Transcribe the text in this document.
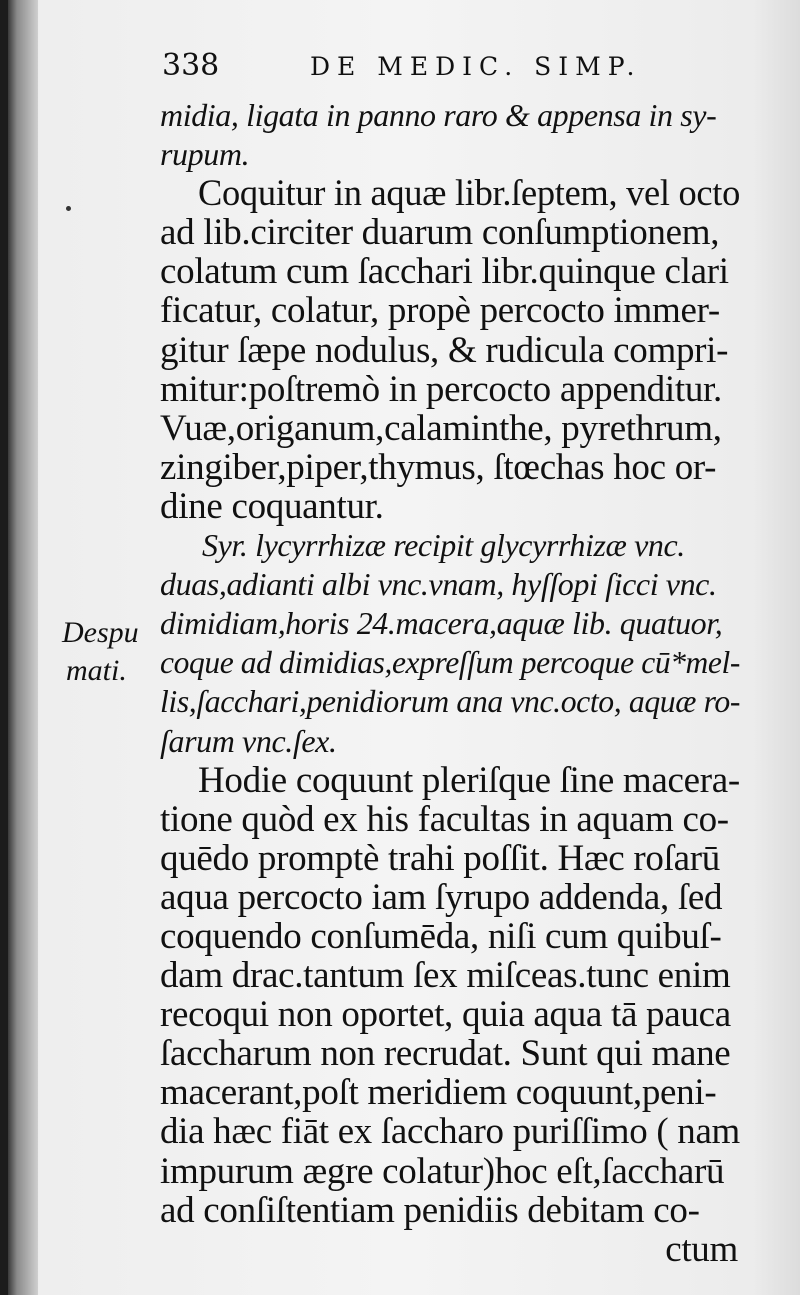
338	DE MEDIC. SIMP.
Despu
mati.
midia, ligata in panno raro & appensa in sy-
rupum.
Coquitur in aquæ libr.ſeptem, vel octo
ad lib.circiter duarum conſumptionem,
colatum cum ſacchari libr.quinque clari
ficatur, colatur, propè percocto immer-
gitur ſæpe nodulus, & rudicula compri-
mitur:poſtremò in percocto appenditur.
Vuæ,origanum,calaminthe, pyrethrum,
zingiber,piper,thymus, ſtœchas hoc or-
dine coquantur.
Syr. lycyrrhizæ recipit glycyrrhizæ vnc.
duas,adianti albi vnc.vnam, hyſſopi ſicci vnc.
dimidiam,horis 24.macera,aquæ lib. quatuor,
coque ad dimidias,expreſſum percoque cū*mel-
lis,ſacchari,penidiorum ana vnc.octo, aquæ ro-
ſarum vnc.ſex.
Hodie coquunt pleriſque ſine macera-
tione quòd ex his facultas in aquam co-
quēdo promptè trahi poſſit. Hæc roſarū
aqua percocto iam ſyrupo addenda, ſed
coquendo conſumēda, niſi cum quibuſ-
dam drac.tantum ſex miſceas.tunc enim
recoqui non oportet, quia aqua tā pauca
ſaccharum non recrudat. Sunt qui mane
macerant,poſt meridiem coquunt,peni-
dia hæc fiāt ex ſaccharo puriſſimo ( nam
impurum ægre colatur)hoc eſt,ſaccharū
ad conſiſtentiam penidiis debitam co-
ctum
